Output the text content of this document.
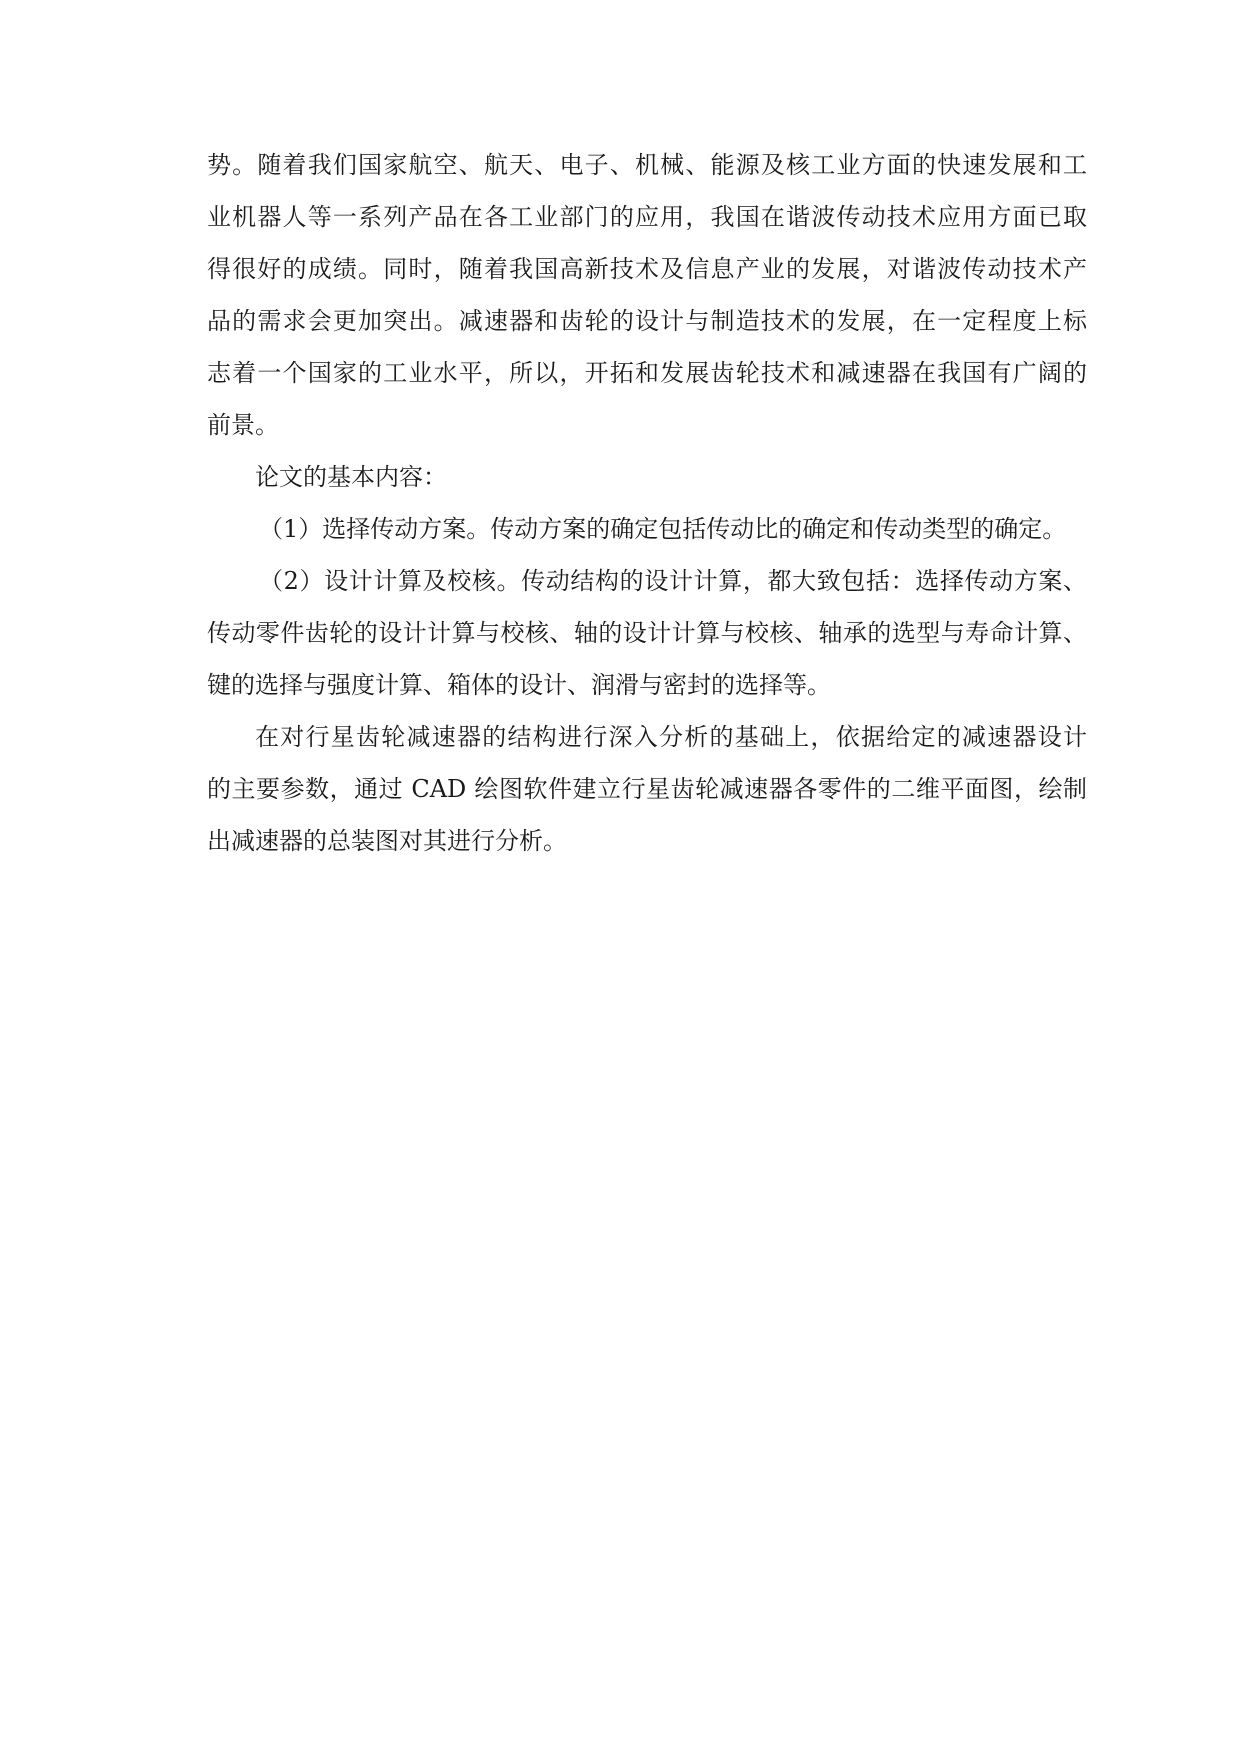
势。随着我们国家航空、航天、电子、机械、能源及核工业方面的快速发展和工
业机器人等一系列产品在各工业部门的应用，我国在谐波传动技术应用方面已取
得很好的成绩。同时，随着我国高新技术及信息产业的发展，对谐波传动技术产
品的需求会更加突出。减速器和齿轮的设计与制造技术的发展，在一定程度上标
志着一个国家的工业水平，所以，开拓和发展齿轮技术和减速器在我国有广阔的
前景。
论文的基本内容：
（1）选择传动方案。传动方案的确定包括传动比的确定和传动类型的确定。
（2）设计计算及校核。传动结构的设计计算，都大致包括：选择传动方案、
传动零件齿轮的设计计算与校核、轴的设计计算与校核、轴承的选型与寿命计算、
键的选择与强度计算、箱体的设计、润滑与密封的选择等。
在对行星齿轮减速器的结构进行深入分析的基础上，依据给定的减速器设计
的主要参数，通过 CAD 绘图软件建立行星齿轮减速器各零件的二维平面图，绘制
出减速器的总装图对其进行分析。
